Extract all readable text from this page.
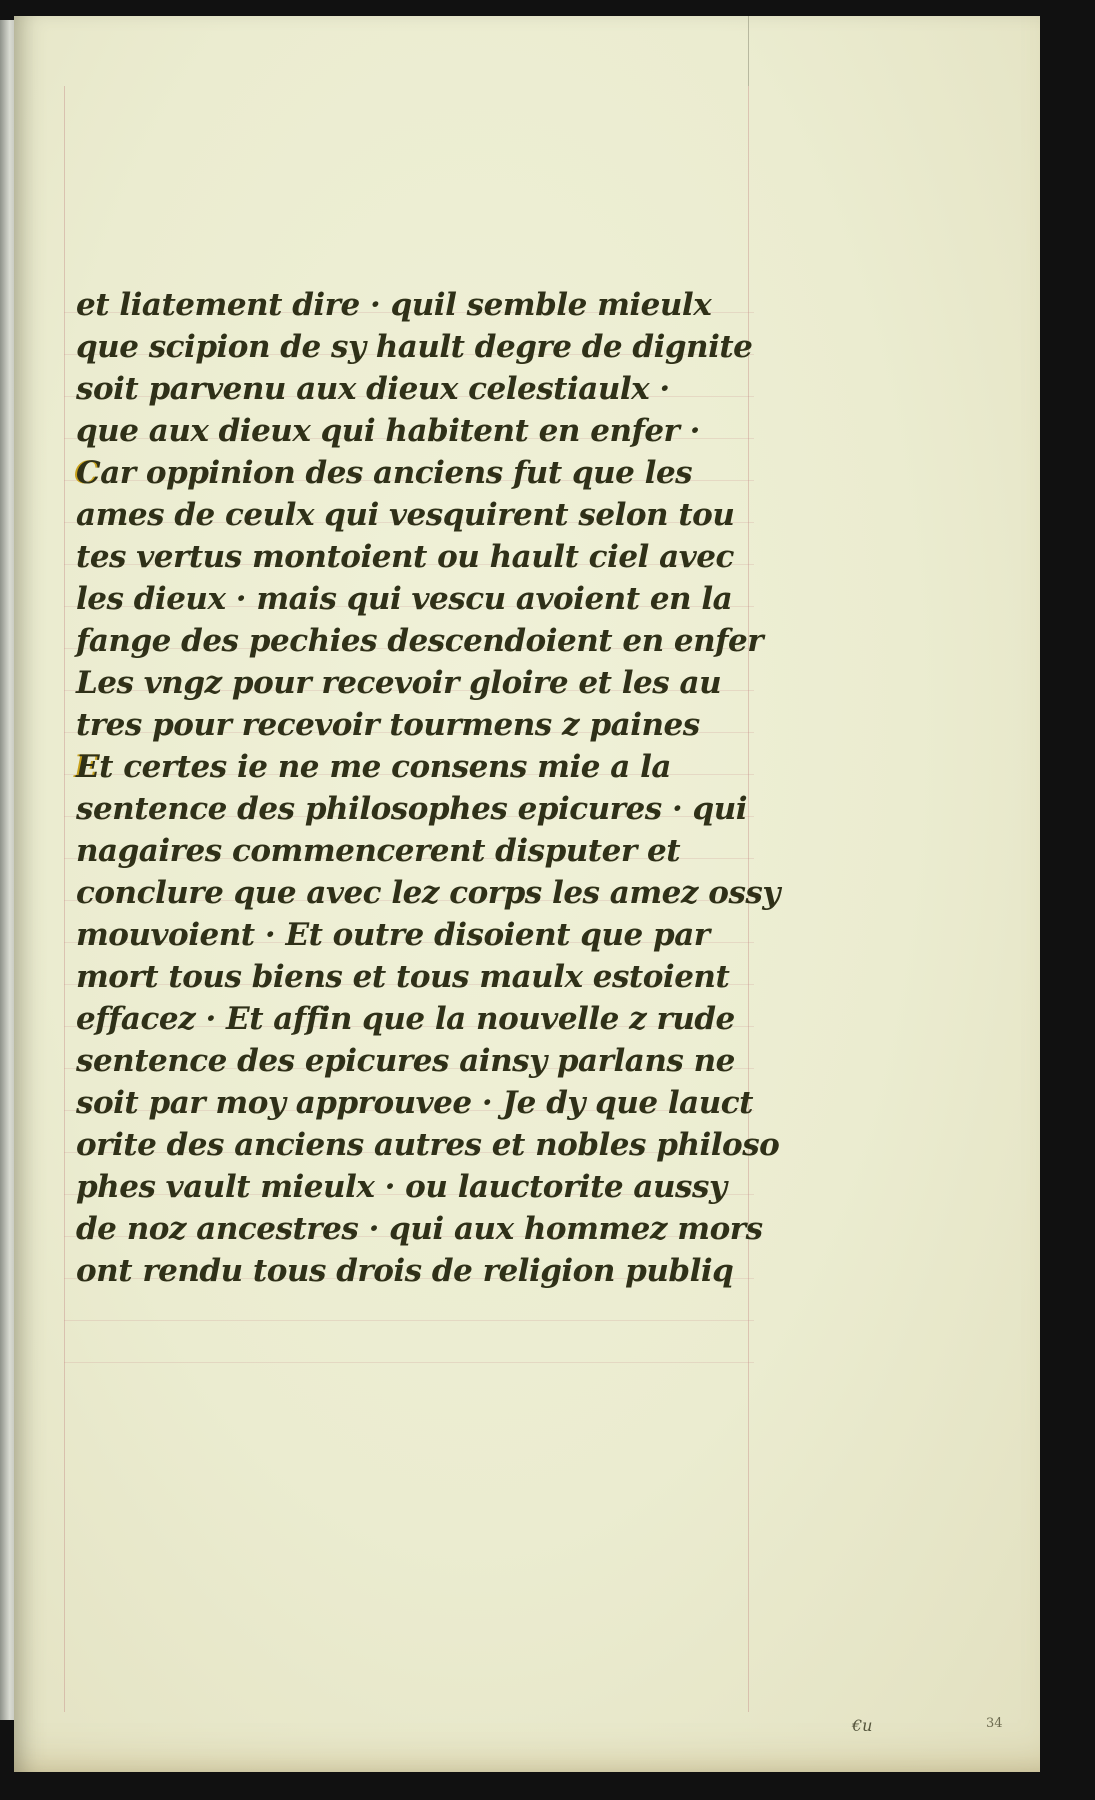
et liatement dire · quil semble mieulx
que scipion de sy hault degre de dignite
soit parvenu aux dieux celestiaulx ·
que aux dieux qui habitent en enfer ·
Car oppinion des anciens fut que les
ames de ceulx qui vesquirent selon tou
tes vertus montoient ou hault ciel avec
les dieux · mais qui vescu avoient en la
fange des pechies descendoient en enfer
Les vngz pour recevoir gloire et les au
tres pour recevoir tourmens z paines
Et certes ie ne me consens mie a la
sentence des philosophes epicures · qui
nagaires commencerent disputer et
conclure que avec lez corps les amez ossy
mouvoient · Et outre disoient que par
mort tous biens et tous maulx estoient
effacez · Et affin que la nouvelle z rude
sentence des epicures ainsy parlans ne
soit par moy approuvee · Je dy que lauct
orite des anciens autres et nobles philoso
phes vault mieulx · ou lauctorite aussy
de noz ancestres · qui aux hommez mors
ont rendu tous drois de religion publiq
€u	34
